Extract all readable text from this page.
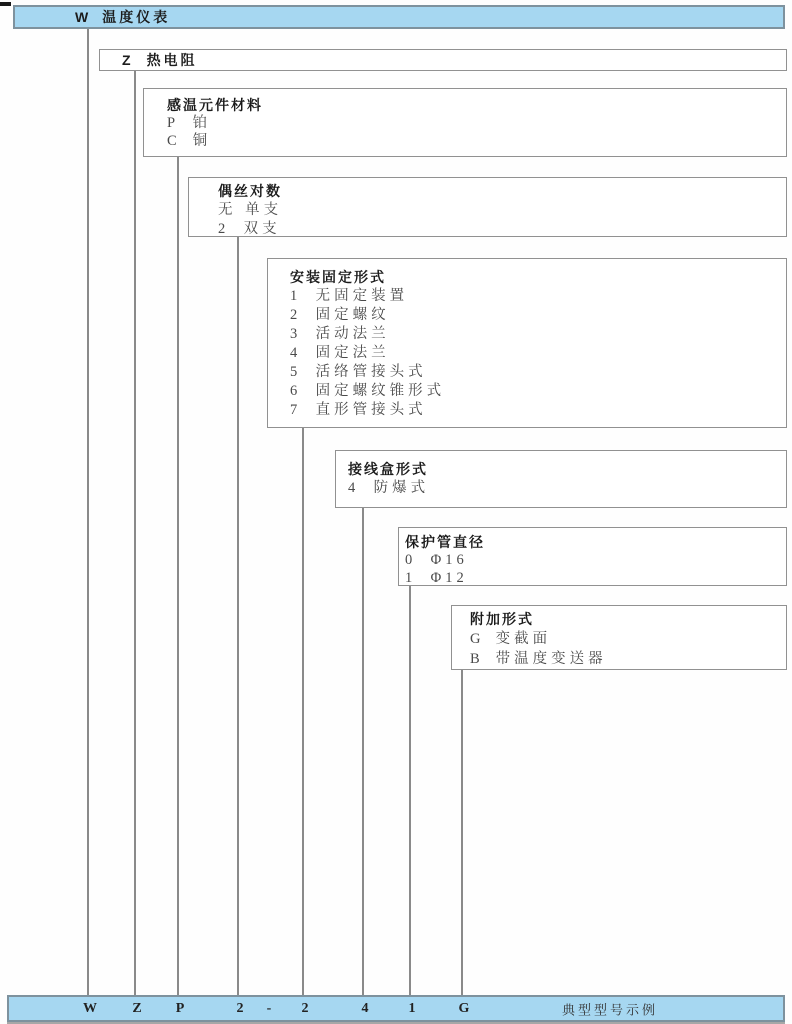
W 温度仪表
Z 热电阻
感温元件材料
P 铂
C 铜
偶丝对数
无 单支
2 双支
安装固定形式
1 无固定装置
2 固定螺纹
3 活动法兰
4 固定法兰
5 活络管接头式
6 固定螺纹锥形式
7 直形管接头式
接线盒形式
4 防爆式
保护管直径
0 Φ16
1 Φ12
附加形式
G 变截面
B 带温度变送器
W	Z P	2 - 2	4	1	G	典型型号示例
